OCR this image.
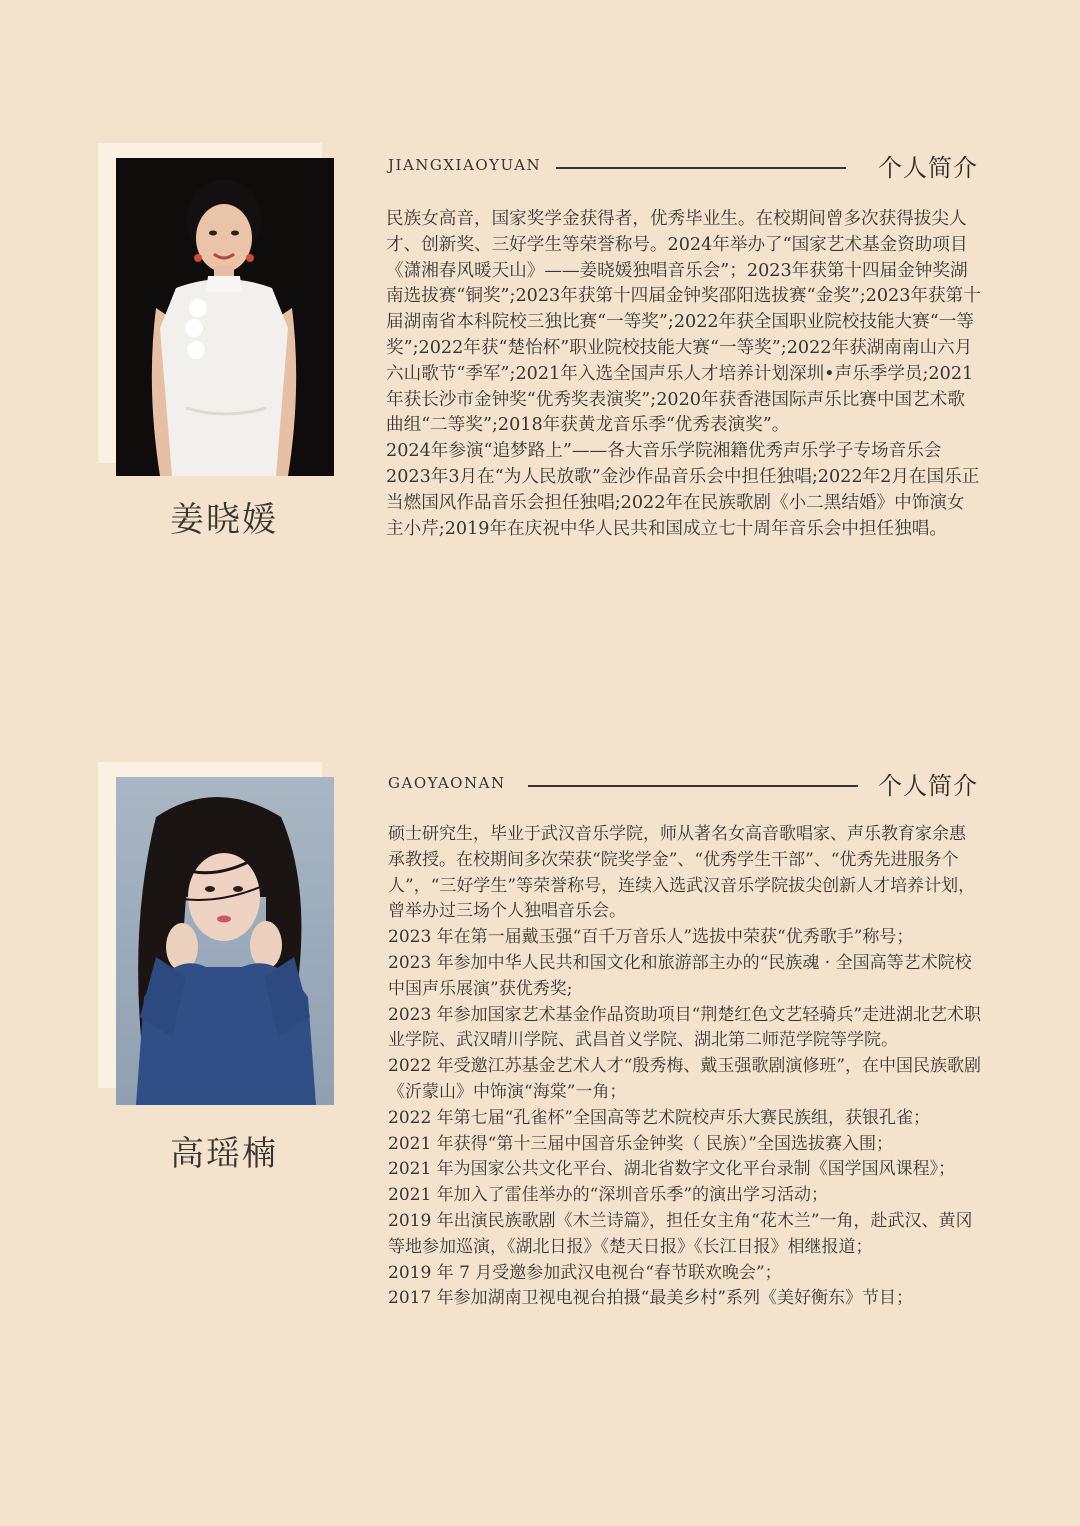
姜晓媛
JIANGXIAOYUAN	个人简介

民族女高音，国家奖学金获得者，优秀毕业生。在校期间曾多次获得拔尖人才、创新奖、三好学生等荣誉称号。2024年举办了“国家艺术基金资助项目《潇湘春风暖天山》——姜晓媛独唱音乐会”；2023年获第十四届金钟奖湖南选拔赛“铜奖”;2023年获第十四届金钟奖邵阳选拔赛“金奖”;2023年获第十届湖南省本科院校三独比赛“一等奖”;2022年获全国职业院校技能大赛“一等奖”;2022年获“楚怡杯”职业院校技能大赛“一等奖”;2022年获湖南南山六月六山歌节“季军”;2021年入选全国声乐人才培养计划深圳•声乐季学员;2021年获长沙市金钟奖“优秀奖表演奖”;2020年获香港国际声乐比赛中国艺术歌曲组“二等奖”;2018年获黄龙音乐季“优秀表演奖”。

2024年参演“追梦路上”——各大音乐学院湘籍优秀声乐学子专场音乐会2023年3月在“为人民放歌”金沙作品音乐会中担任独唱;2022年2月在国乐正当燃国风作品音乐会担任独唱;2022年在民族歌剧《小二黑结婚》中饰演女主小芹;2019年在庆祝中华人民共和国成立七十周年音乐会中担任独唱。

高瑶楠
GAOYAONAN	个人简介

硕士研究生，毕业于武汉音乐学院，师从著名女高音歌唱家、声乐教育家余惠承教授。在校期间多次荣获“院奖学金”、“优秀学生干部”、“优秀先进服务个人”，“三好学生”等荣誉称号，连续入选武汉音乐学院拔尖创新人才培养计划，曾举办过三场个人独唱音乐会。

2023 年在第一届戴玉强“百千万音乐人”选拔中荣获“优秀歌手”称号；

2023 年参加中华人民共和国文化和旅游部主办的“民族魂 · 全国高等艺术院校中国声乐展演”获优秀奖;

2023 年参加国家艺术基金作品资助项目“荆楚红色文艺轻骑兵”走进湖北艺术职业学院、武汉晴川学院、武昌首义学院、湖北第二师范学院等学院。

2022 年受邀江苏基金艺术人才“殷秀梅、戴玉强歌剧演修班”，在中国民族歌剧《沂蒙山》中饰演“海棠”一角；

2022 年第七届“孔雀杯”全国高等艺术院校声乐大赛民族组，获银孔雀；

2021 年获得“第十三届中国音乐金钟奖（ 民族）”全国选拔赛入围；

2021 年为国家公共文化平台、湖北省数字文化平台录制《国学国风课程》；

2021 年加入了雷佳举办的“深圳音乐季”的演出学习活动；

2019 年出演民族歌剧《木兰诗篇》，担任女主角“花木兰”一角，赴武汉、黄冈等地参加巡演，《湖北日报》《楚天日报》《长江日报》相继报道；

2019 年 7 月受邀参加武汉电视台“春节联欢晚会”；

2017 年参加湖南卫视电视台拍摄“最美乡村”系列《美好衡东》节目；
